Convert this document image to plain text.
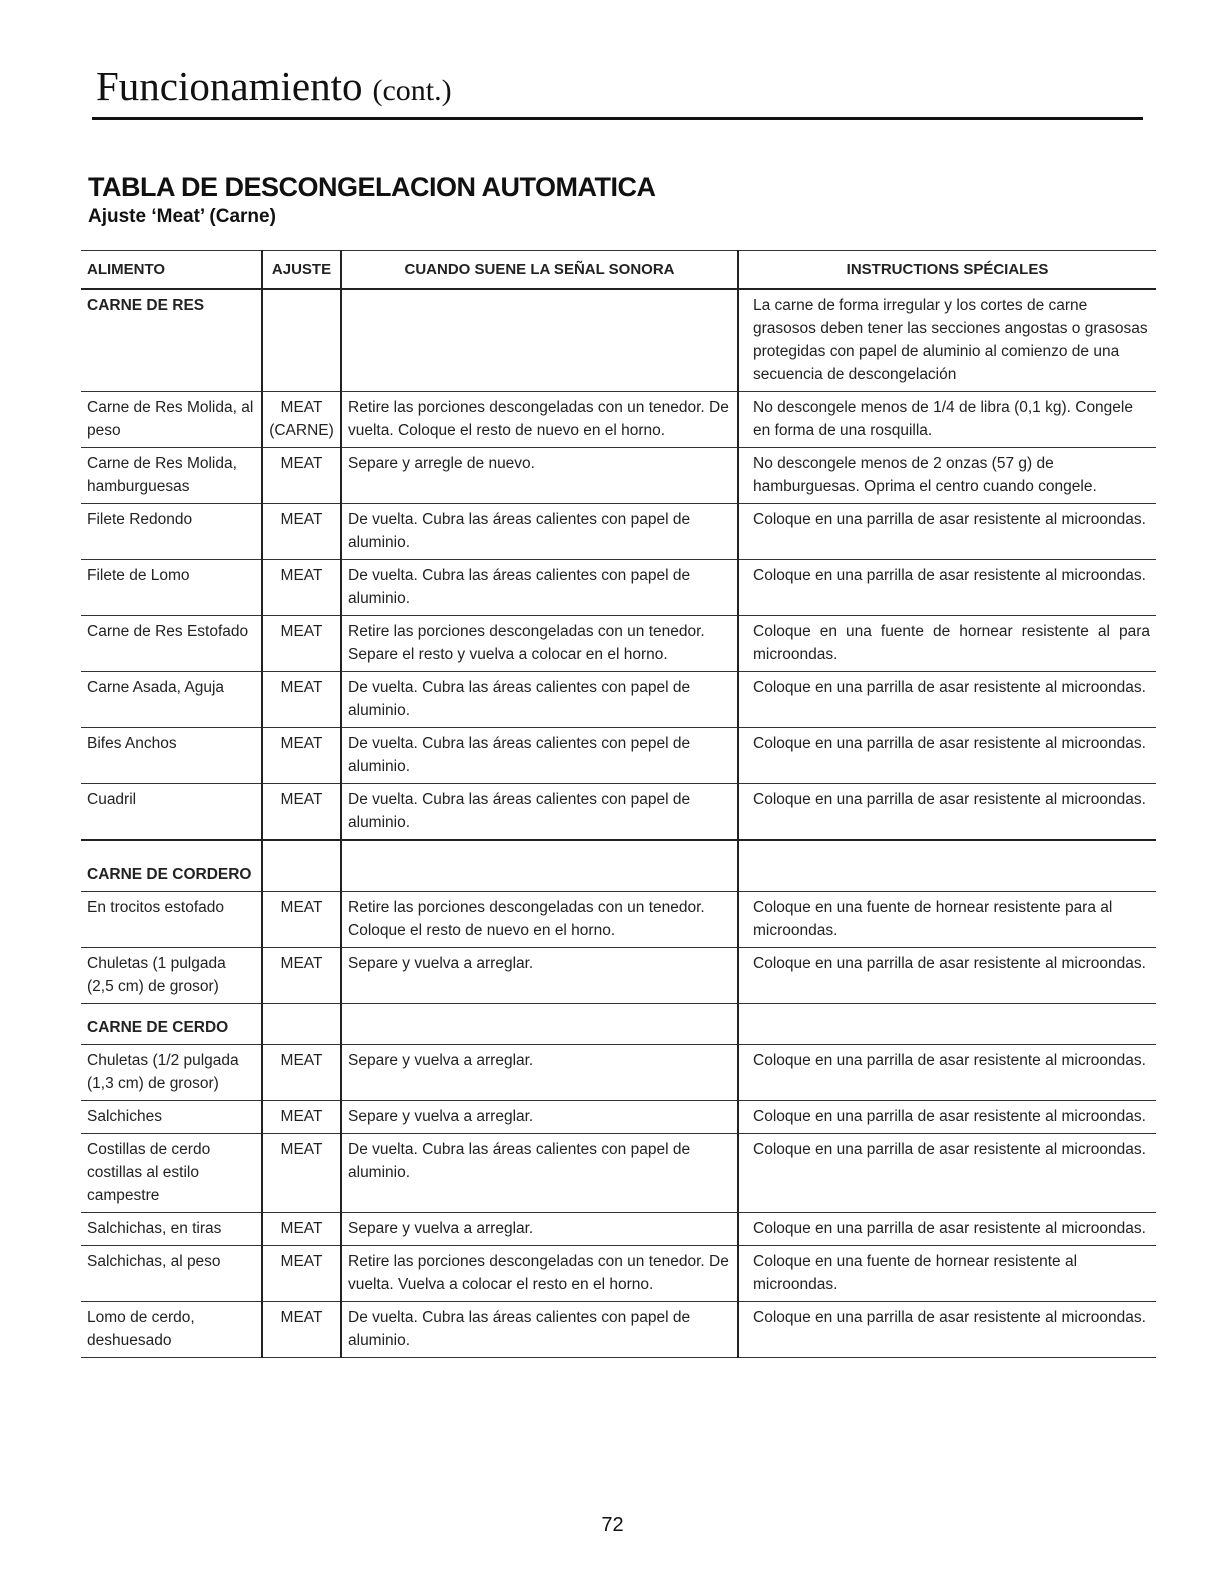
Funcionamiento (cont.)
TABLA DE DESCONGELACION AUTOMATICA
Ajuste ‘Meat’ (Carne)
ALIMENTO	AJUSTE	CUANDO SUENE LA SEÑAL SONORA	INSTRUCTIONS SPÉCIALES
CARNE DE RES			La carne de forma irregular y los cortes de carne grasosos deben tener las secciones angostas o grasosas protegidas con papel de aluminio al comienzo de una secuencia de descongelación
Carne de Res Molida, al peso	MEAT (CARNE)	Retire las porciones descongeladas con un tenedor. De vuelta. Coloque el resto de nuevo en el horno.	No descongele menos de 1/4 de libra (0,1 kg). Congele en forma de una rosquilla.
Carne de Res Molida, hamburguesas	MEAT	Separe y arregle de nuevo.	No descongele menos de 2 onzas (57 g) de hamburguesas. Oprima el centro cuando congele.
Filete Redondo	MEAT	De vuelta. Cubra las áreas calientes con papel de aluminio.	Coloque en una parrilla de asar resistente al microondas.
Filete de Lomo	MEAT	De vuelta. Cubra las áreas calientes con papel de aluminio.	Coloque en una parrilla de asar resistente al microondas.
Carne de Res Estofado	MEAT	Retire las porciones descongeladas con un tenedor. Separe el resto y vuelva a colocar en el horno.	Coloque en una fuente de hornear resistente al para microondas.
Carne Asada, Aguja	MEAT	De vuelta. Cubra las áreas calientes con papel de aluminio.	Coloque en una parrilla de asar resistente al microondas.
Bifes Anchos	MEAT	De vuelta. Cubra las áreas calientes con pepel de aluminio.	Coloque en una parrilla de asar resistente al microondas.
Cuadril	MEAT	De vuelta. Cubra las áreas calientes con papel de aluminio.	Coloque en una parrilla de asar resistente al microondas.
CARNE DE CORDERO			
En trocitos estofado	MEAT	Retire las porciones descongeladas con un tenedor. Coloque el resto de nuevo en el horno.	Coloque en una fuente de hornear resistente para al microondas.
Chuletas (1 pulgada (2,5 cm) de grosor)	MEAT	Separe y vuelva a arreglar.	Coloque en una parrilla de asar resistente al microondas.
CARNE DE CERDO			
Chuletas (1/2 pulgada (1,3 cm) de grosor)	MEAT	Separe y vuelva a arreglar.	Coloque en una parrilla de asar resistente al microondas.
Salchiches	MEAT	Separe y vuelva a arreglar.	Coloque en una parrilla de asar resistente al microondas.
Costillas de cerdo costillas al estilo campestre	MEAT	De vuelta. Cubra las áreas calientes con papel de aluminio.	Coloque en una parrilla de asar resistente al microondas.
Salchichas, en tiras	MEAT	Separe y vuelva a arreglar.	Coloque en una parrilla de asar resistente al microondas.
Salchichas, al peso	MEAT	Retire las porciones descongeladas con un tenedor. De vuelta. Vuelva a colocar el resto en el horno.	Coloque en una fuente de hornear resistente al microondas.
Lomo de cerdo, deshuesado	MEAT	De vuelta. Cubra las áreas calientes con papel de aluminio.	Coloque en una parrilla de asar resistente al microondas.
72
